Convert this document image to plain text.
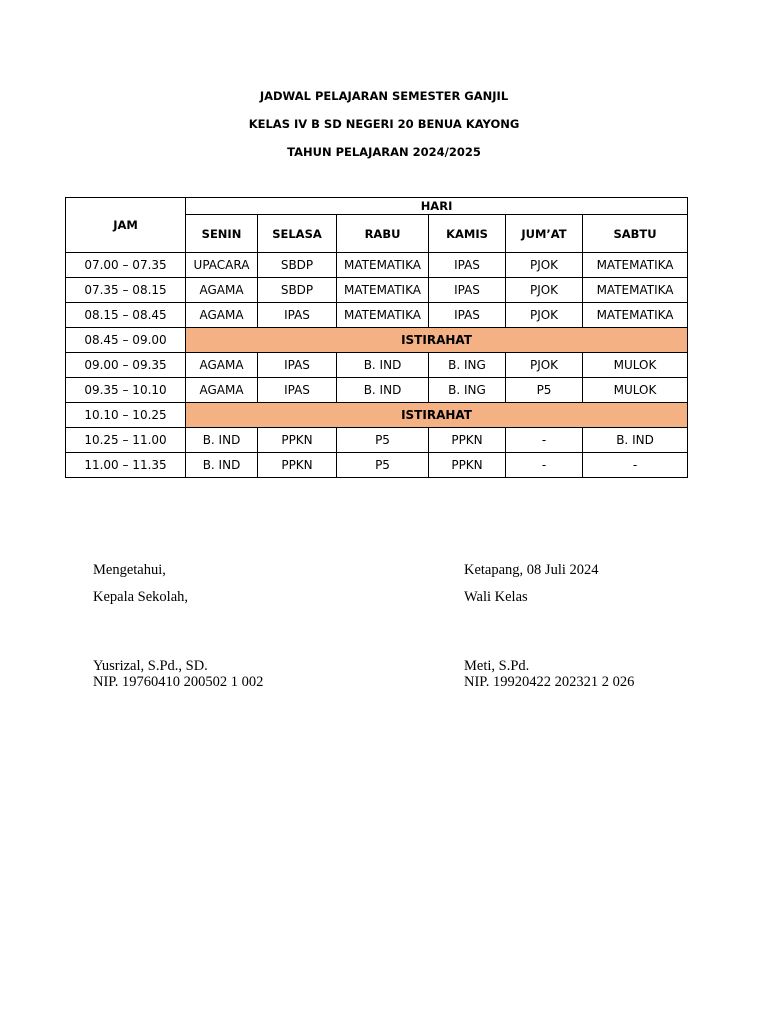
JADWAL PELAJARAN SEMESTER GANJIL
KELAS IV B SD NEGERI 20 BENUA KAYONG
TAHUN PELAJARAN 2024/2025
JAM	HARI					
	SENIN	SELASA	RABU	KAMIS	JUM’AT	SABTU
07.00 – 07.35	UPACARA	SBDP	MATEMATIKA	IPAS	PJOK	MATEMATIKA
07.35 – 08.15	AGAMA	SBDP	MATEMATIKA	IPAS	PJOK	MATEMATIKA
08.15 – 08.45	AGAMA	IPAS	MATEMATIKA	IPAS	PJOK	MATEMATIKA
08.45 – 09.00	ISTIRAHAT					
09.00 – 09.35	AGAMA	IPAS	B. IND	B. ING	PJOK	MULOK
09.35 – 10.10	AGAMA	IPAS	B. IND	B. ING	P5	MULOK
10.10 – 10.25	ISTIRAHAT					
10.25 – 11.00	B. IND	PPKN	P5	PPKN	-	B. IND
11.00 – 11.35	B. IND	PPKN	P5	PPKN	-	-
Mengetahui,
Kepala Sekolah,
Yusrizal, S.Pd., SD.
NIP. 19760410 200502 1 002
Ketapang, 08 Juli 2024
Wali Kelas
Meti, S.Pd.
NIP. 19920422 202321 2 026
